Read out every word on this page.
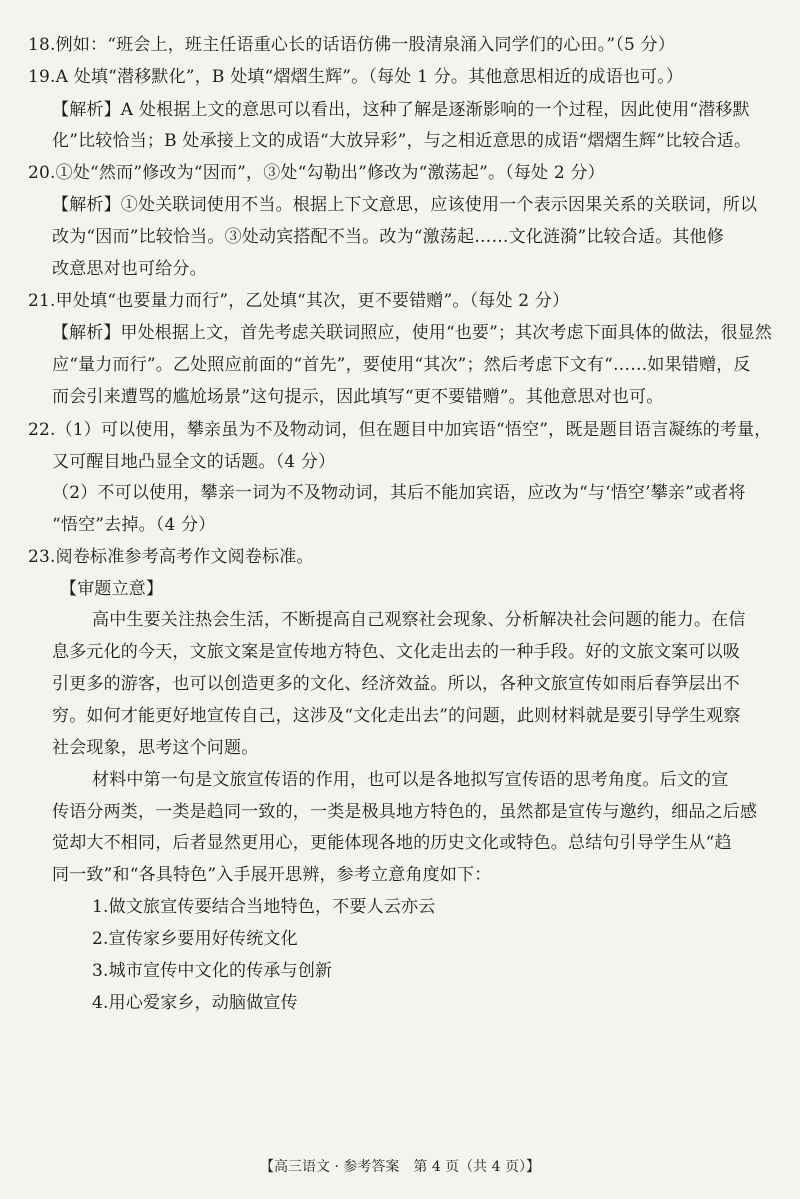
18.例如：“班会上，班主任语重心长的话语仿佛一股清泉涌入同学们的心田。”（5 分）
19.A 处填“潜移默化”，B 处填“熠熠生辉”。（每处 1 分。其他意思相近的成语也可。）
【解析】A 处根据上文的意思可以看出，这种了解是逐渐影响的一个过程，因此使用“潜移默
化”比较恰当；B 处承接上文的成语“大放异彩”，与之相近意思的成语“熠熠生辉”比较合适。
20.①处“然而”修改为“因而”，③处“勾勒出”修改为“激荡起”。（每处 2 分）
【解析】①处关联词使用不当。根据上下文意思，应该使用一个表示因果关系的关联词，所以
改为“因而”比较恰当。③处动宾搭配不当。改为“激荡起……文化涟漪”比较合适。其他修
改意思对也可给分。
21.甲处填“也要量力而行”，乙处填“其次，更不要错赠”。（每处 2 分）
【解析】甲处根据上文，首先考虑关联词照应，使用“也要”；其次考虑下面具体的做法，很显然
应“量力而行”。乙处照应前面的“首先”，要使用“其次”；然后考虑下文有“……如果错赠，反
而会引来遭骂的尴尬场景”这句提示，因此填写“更不要错赠”。其他意思对也可。
22.（1）可以使用，攀亲虽为不及物动词，但在题目中加宾语“悟空”，既是题目语言凝练的考量，
又可醒目地凸显全文的话题。（4 分）
（2）不可以使用，攀亲一词为不及物动词，其后不能加宾语，应改为“与‘悟空’攀亲”或者将
“悟空”去掉。（4 分）
23.阅卷标准参考高考作文阅卷标准。
【审题立意】
高中生要关注热会生活，不断提高自己观察社会现象、分析解决社会问题的能力。在信
息多元化的今天，文旅文案是宣传地方特色、文化走出去的一种手段。好的文旅文案可以吸
引更多的游客，也可以创造更多的文化、经济效益。所以，各种文旅宣传如雨后春笋层出不
穷。如何才能更好地宣传自己，这涉及“文化走出去”的问题，此则材料就是要引导学生观察
社会现象，思考这个问题。
材料中第一句是文旅宣传语的作用，也可以是各地拟写宣传语的思考角度。后文的宣
传语分两类，一类是趋同一致的，一类是极具地方特色的，虽然都是宣传与邀约，细品之后感
觉却大不相同，后者显然更用心，更能体现各地的历史文化或特色。总结句引导学生从“趋
同一致”和“各具特色”入手展开思辨，参考立意角度如下：
1.做文旅宣传要结合当地特色，不要人云亦云
2.宣传家乡要用好传统文化
3.城市宣传中文化的传承与创新
4.用心爱家乡，动脑做宣传
【高三语文 · 参考答案　第 4 页（共 4 页）】
